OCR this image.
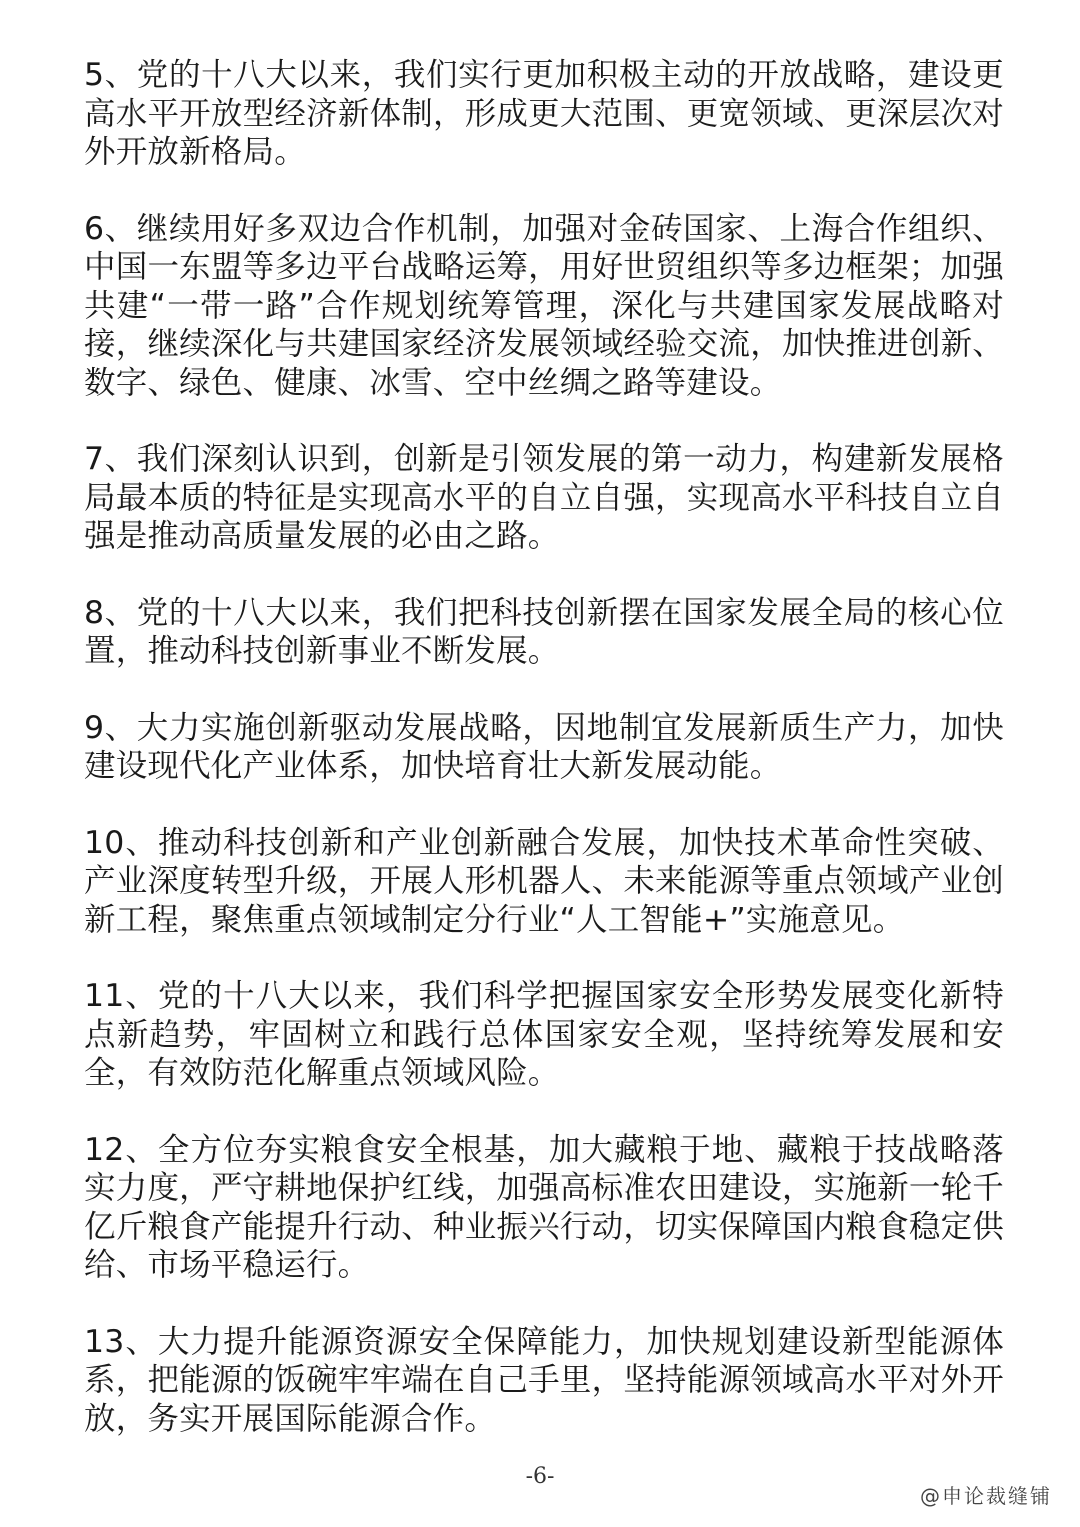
5、党的十八大以来，我们实行更加积极主动的开放战略，建设更高水平开放型经济新体制，形成更大范围、更宽领域、更深层次对外开放新格局。

6、继续用好多双边合作机制，加强对金砖国家、上海合作组织、中国一东盟等多边平台战略运筹，用好世贸组织等多边框架；加强共建“一带一路”合作规划统筹管理，深化与共建国家发展战略对接，继续深化与共建国家经济发展领域经验交流，加快推进创新、数字、绿色、健康、冰雪、空中丝绸之路等建设。

7、我们深刻认识到，创新是引领发展的第一动力，构建新发展格局最本质的特征是实现高水平的自立自强，实现高水平科技自立自强是推动高质量发展的必由之路。

8、党的十八大以来，我们把科技创新摆在国家发展全局的核心位置，推动科技创新事业不断发展。

9、大力实施创新驱动发展战略，因地制宜发展新质生产力，加快建设现代化产业体系，加快培育壮大新发展动能。

10、推动科技创新和产业创新融合发展，加快技术革命性突破、产业深度转型升级，开展人形机器人、未来能源等重点领域产业创新工程，聚焦重点领域制定分行业“人工智能+”实施意见。

11、党的十八大以来，我们科学把握国家安全形势发展变化新特点新趋势，牢固树立和践行总体国家安全观，坚持统筹发展和安全，有效防范化解重点领域风险。

12、全方位夯实粮食安全根基，加大藏粮于地、藏粮于技战略落实力度，严守耕地保护红线，加强高标准农田建设，实施新一轮千亿斤粮食产能提升行动、种业振兴行动，切实保障国内粮食稳定供给、市场平稳运行。

13、大力提升能源资源安全保障能力，加快规划建设新型能源体系，把能源的饭碗牢牢端在自己手里，坚持能源领域高水平对外开放，务实开展国际能源合作。

-6-
@申论裁缝铺
